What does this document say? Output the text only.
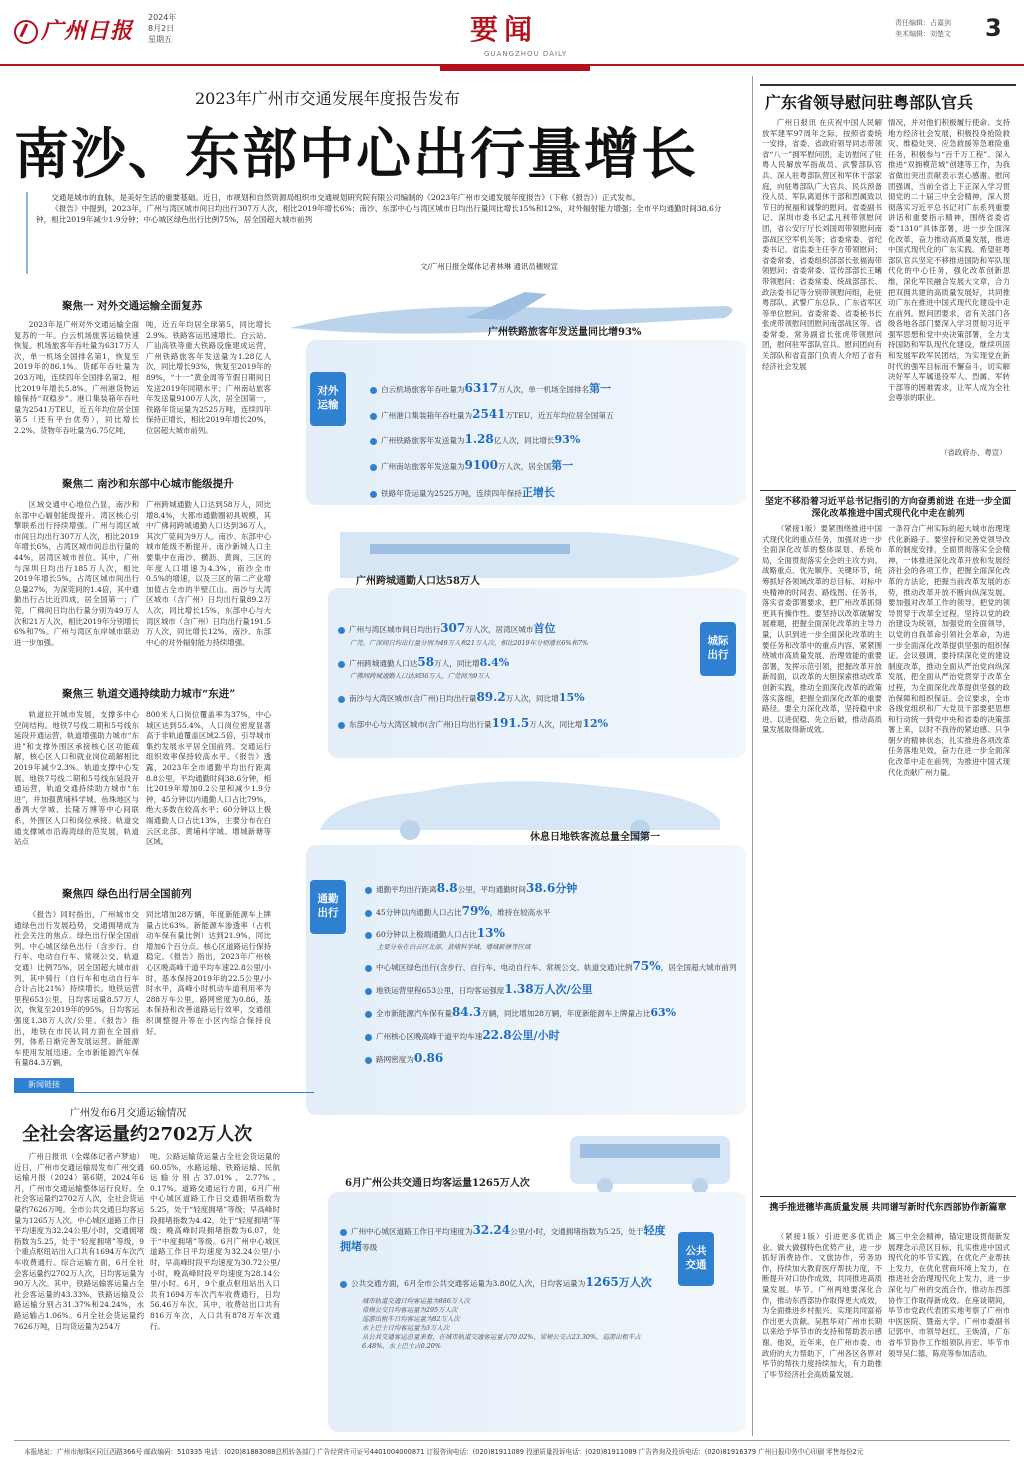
广州日报
2024年
8月2日
星期五	要闻
GUANGZHOU DAILY
责任编辑：占嘉剑
美术编辑：刘楚文 3
2023年广州市交通发展年度报告发布
南沙、东部中心出行量增长

交通是城市的血脉，是美好生活的重要基础。近日，市规划和自然资源局组织市交通规划研究院有限公司编制的《2023年广州市交通发展年度报告》（下称《报告》）正式发布。

《报告》中提到，2023年，广州与湾区城市间日均出行307万人次，相比2019年增长6%；南沙、东部中心与湾区城市日均出行量同比增长15%和12%，对外辐射能力增强；全市平均通勤时间38.6分钟，相比2019年减少1.9分钟；中心城区绿色出行比例75%，居全国超大城市前列

文/广州日报全媒体记者林琳 通讯员穗规宣
聚焦一 对外交通运输全面复苏

2023年是广州对外交通运输全面复苏的一年。白云机场旅客运输快速恢复。机场旅客年吞吐量为6317万人次，单一机场全国排名第1，恢复至2019年的86.1%。货邮年吞吐量为203万吨，连续四年全国排名第2，相比2019年增长5.8%。广州港货物运输保持“双稳步”。港口集装箱年吞吐量为2541万TEU，近五年均位居全国第5（还有平台优势），同比增长2.2%。货物年吞吐量为6.75亿吨，

吨，近五年均居全球第5，同比增长2.9%。铁路客运迅速增长。白云站、广汕高铁等重大铁路设施建成运营，广州铁路旅客年发送量为1.28亿人次，同比增长93%，恢复至2019年的89%，“十一”黄金周等节假日期间日发送2019年同期水平；广州南站旅客年发送量9100万人次，居全国第一，铁路年货运量为2525万吨，连续四年保持正增长，相比2019年增长20%，位居超大城市前列。

聚焦二 南沙和东部中心城市能级提升

区域交通中心地位凸显，南沙和东部中心辐射能级提升。湾区核心引擎联系出行持续增强。广州与湾区城市间日均出行307万人次，相比2019年增长6%，占湾区城市间总出行量的44%，居湾区城市首位。其中，广州与深圳日均出行185万人次，相比2019年增长5%，占湾区城市间出行总量27%，为深莞间的1.4倍，其中通勤出行占比近四成，居全国第一；广莞，广佛间日均出行量分别为49万人次和21万人次，相比2019年分别增长6%和7%。广州与湾区东岸城市联动进一步加强。

广州跨城通勤人口达到58万人，同比增8.4%，大都市通勤圈初具规模，其中广佛间跨城通勤人口达到36万人，其次广莞间为9万人。南沙、东部中心城市能级不断提升。南沙新城人口主要集中在南沙、横沥、黄阁，三区的年度人口增速为4.3%，南沙全市0.5%的增速，以及三区的第二产业增加值占全市的半壁江山。南沙与大湾区城市（含广州）日均出行量89.2万人次，同比增长15%，东部中心与大湾区城市（含广州）日均出行量191.5万人次，同比增长12%，南沙、东部中心的对外辐射能力持续增强。

聚焦三 轨道交通持续助力城市“东进”

轨道拉开城市发展，支撑多中心空间结构。地铁7号线二期和5号线东延段开通运营，轨道增强助力城市“东进”和支撑外围区承接核心区功能疏解，核心区人口和就业岗位疏解相比2019年减少2.3%。轨道支撑中心发展。地铁7号线二期和5号线东延段开通运营，轨道交通持续助力城市“东进”，并加强黄埔科学城、鱼珠地区与番禺大学城、长隆万博等中心间联系，外围区人口和岗位承接。轨道交通支撑城市沿海湾绿的范发展，轨道站点

800米人口岗位覆盖率为37%，中心城区达到55.4%，人口岗位密度显著高于非轨道覆盖区域2.5倍，引导城市集约发展水平居全国前列。交通运行组织效率保持较高水平。《报告》透露，2023年全市通勤平均出行距离8.8公里，平均通勤时间38.6分钟，相比2019年增加0.2公里和减少1.9分钟，45分钟以内通勤人口占比79%，绝大多数在较高水平；60分钟以上极端通勤人口占比13%，主要分布在白云区北部、黄埔科学城、增城新塘等区域。

聚焦四 绿色出行居全国前列

《报告》同时指出，广州城市交通绿色出行发展趋势，交通拥堵成为社会关注的焦点。绿色出行保全国前列。中心城区绿色出行（含步行、自行车、电动自行车、常规公交、轨道交通）比例75%，居全国超大城市前列，其中骑行（自行车和电动自行车合计占比21%）持续增长。地铁运营里程653公里，日均客运量8.57万人次，恢复至2019年的95%，日均客运强度1.38万人次/公里。《报告》指出，地铁在市民认同方面在全国前列，体系日渐完善发展运营。新能源车使用发展迅速。全市新能源汽车保有量84.3万辆，

同比增加28万辆，年度新能源车上牌量占比63%。新能源车渗透率（占机动车保有量比例）达到21.9%，同比增加6个百分点。核心区道路运行保持稳定。《报告》指出，2023年广州核心区晚高峰干道平均车速22.8公里/小时，基本保持2019年的22.5公里/小时水平，高峰小时机动车道利用率为288万车公里，路网密度为0.86，基本保持和改善道路运行效率，交通组织调整提升等在小区内综合保持良好。

广州铁路旅客年发送量同比增93%
对外
运输
白云机场旅客年吞吐量为6317万人次，单一机场全国排名第一
广州港口集装箱年吞吐量为2541万TEU，近五年均位居全国第五
广州铁路旅客年发送量为1.28亿人次，同比增长93%
广州南站旅客年发送量为9100万人次，居全国第一
铁路年货运量为2525万吨，连续四年保持正增长
广州跨城通勤人口达58万人
城际
出行
广州与湾区城市间日均出行307万人次，居湾区城市首位
广莞、广深间日均出行量分别为49万人和21万人次，相比2019年分别增长6%和7%
广州跨城通勤人口达58万人，同比增8.4%
广佛间跨城通勤人口达到36万人，广莞间为9万人
南沙与大湾区城市(含广州)日均出行量89.2万人次，同比增15%
东部中心与大湾区城市(含广州)日均出行量191.5万人次，同比增12%
休息日地铁客流总量全国第一
通勤
出行
通勤平均出行距离8.8公里，平均通勤时间38.6分钟
45分钟以内通勤人口占比79%，维持在较高水平
60分钟以上极端通勤人口占比13%
主要分布在白云区北部、黄埔科学城、增城新塘等区域
中心城区绿色出行(含步行、自行车、电动自行车、常规公交、轨道交通)比例75%，居全国超大城市前列
地铁运营里程653公里，日均客运强度1.38万人次/公里
全市新能源汽车保有量84.3万辆，同比增加28万辆，年度新能源车上牌量占比63%
广州核心区晚高峰干道平均车速22.8公里/小时
路网密度为0.86
6月广州公共交通日均客运量1265万人次
公共
交通
广州中心城区道路工作日平均速度为32.24公里/小时，交通拥堵指数为5.25，处于轻度拥堵等级
公共交通方面，6月全市公共交通客运量为3.80亿人次，日均客运量为1265万人次
城市轨道交通日均客运量为886万人次
常规公交日均客运量为295万人次
巡游出租车日均客运量为82万人次
水上巴士日均客运量为3万人次
从公共交通客运总量来看，在城市轨道交通客运量占70.02%，常规公交占23.30%，巡游出租车占6.48%，水上巴士占0.20%
新闻链接
广州发布6月交通运输情况
全社会客运量约2702万人次

广州日报讯（全媒体记者卢梦迪）近日，广州市交通运输局发布广州交通运输月报（2024）第6期，2024年6月，广州市交通运输整体运行良好。全社会客运量约2702万人次，全社会货运量约7626万吨。全市公共交通日均客运量为1265万人次。中心城区道路工作日平均速度为32.24公里/小时，交通拥堵指数为5.25，处于“轻度拥堵”等级，9个重点枢纽站出入口共有1694万车次汽车收费通行。综合运输方面，6月全社会客运量约2702万人次，日均客运量为90万人次。其中，铁路运输客运量占全社会客运量的43.33%，铁路运输及公路运输分别占31.37%和24.24%，水路运输占1.06%。6月全社会货运量约7626万吨，日均货运量为254万

吨。公路运输货运量占全社会货运量的60.05%，水路运输、铁路运输、民航运输分别占37.01%、2.77%、0.17%。道路交通运行方面，6月广州中心城区道路工作日交通拥堵指数为5.25，处于“轻度拥堵”等级；早高峰时段拥堵指数为4.42，处于“轻度拥堵”等级；晚高峰时段拥堵指数为6.07，处于“中度拥堵”等级。6月广州中心城区道路工作日平均速度为32.24公里/小时，早高峰时段平均速度为30.72公里/小时，晚高峰时段平均速度为28.14公里/小时。6月，9个重点枢纽站出入口共有1694万车次汽车收费通行，日均56.46万车次。其中，收费站出口共有816万车次，入口共有878万车次通行。

广东省领导慰问驻粤部队官兵

广州日报讯 在庆祝中国人民解放军建军97周年之际，按照省委统一安排，省委、省政府领导同志带领省“八一”拥军慰问团，走访慰问了驻粤人民解放军指战员、武警部队官兵、深入驻粤部队营区和军休干部家庭，向驻粤部队广大官兵、民兵预备役人员、军队离退休干部和烈属致以节日的祝福和诚挚的慰问。省委副书记、深圳市委书记孟凡利带领慰问团，省公安厅厅长刘国周带领慰问南部战区空军机关等；省委常委、省纪委书记、省监委主任李方带领慰问；省委常委、省委组织部部长张福海带领慰问；省委常委、宣传部部长王曦带领慰问；省委常委、统战部部长、政法委书记等分别带领慰问组，赴驻粤部队、武警广东总队、广东省军区等单位慰问。省委常委、省委秘书长张虎带领慰问团慰问南部战区等。省委常委、常务副省长张虎带领慰问团，慰问驻军部队官兵。慰问团向有关部队和省直部门负责人介绍了省有经济社会发展

情况，并对他们积极履行使命、支持地方经济社会发展，积极投身抢险救灾、维稳处突、应急救援等急难险重任务，积极参与“百千万工程”、深入推进“双拥模范城”创建等工作，为我省做出突出贡献表示衷心感谢。慰问团强调，当前全省上下正深入学习贯彻党的二十届三中全会精神，深入贯彻落实习近平总书记对广东系列重要讲话和重要指示精神，围绕省委省委“1310”具体部署，进一步全面深化改革，奋力推动高质量发展，推进中国式现代化的广东实践。希望驻粤部队官兵坚定不移推进国防和军队现代化的中心任务，强化改革创新思维，深化军民融合发展大文章，合力把双拥共建的高质量发展好，共同推动广东在推进中国式现代化建设中走在前列。慰问团要求，省有关部门各级各地各部门要深入学习贯彻习近平强军思想和党中央决策部署，全力支持国防和军队现代化建设，继续巩固和发展军政军民团结，为实现党在新时代的强军目标而不懈奋斗，切实解决好军人军属退役军人、烈属、军转干部等的困难需求，让军人成为全社会尊崇的职业。

（省政府办、粤宣）
坚定不移沿着习近平总书记指引的方向奋勇前进 在进一步全面深化改革推进中国式现代化中走在前列

（紧接1版）要紧围绕推进中国式现代化的重点任务，加强对进一步全面深化改革的整体谋划、系统布局，全面贯彻落实全会的主攻方向、战略重点、优先顺序、关键环节，统筹抓好各领域改革的总目标、对标中央精神的时间表、路线图、任务书，落实省委部署要求，把广州改革抓得更具有操作性。要坚持以改革破解发展难题，把握全面深化改革的主导力量，认识到进一步全面深化改革的主要任务和改革中的重点内容，紧紧围绕城市高质量发展、治理效能的重要部署，发挥示范引领，把握改革开放新局面，以改革的大胆探索推动改革创新实践，推动全面深化改革的政策落实落细，把握全面深化改革的重要路径。要全力深化改革，坚持稳中求进、以进促稳、先立后破，推动高质量发展取得新成效。

一条符合广州实际的超大城市治理现代化新路子。要坚持和完善党领导改革的制度安排，全面贯彻落实全会精神，一体推进深化改革开放和发展经济社会的各项工作，把握全面深化改革的方法论，把握当前改革发展的态势，推动改革开放不断向纵深发展。要加强对改革工作的领导，把党的领导贯穿于改革全过程，坚持以党的政治建设为统领，加强党的全面领导，以党的自我革命引领社会革命，为进一步全面深化改革提供坚强的组织保证。会议强调，要持续深化党的建设制度改革，推动全面从严治党向纵深发展，把全面从严治党贯穿于改革全过程，为全面深化改革提供坚强的政治保障和组织保证。会议要求，全市各级党组织和广大党员干部要把思想和行动统一到党中央和省委的决策部署上来，以时不我待的紧迫感、只争朝夕的精神状态，扎实推进各项改革任务落地见效，奋力在进一步全面深化改革中走在前列，为推进中国式现代化贡献广州力量。

携手推进穗毕高质量发展 共同谱写新时代东西部协作新篇章

（紧接1版）引进更多优质企业、做大做强特色优势产业，进一步抓好消费协作、文旅协作，劳务协作，持续加大教育医疗帮扶力度，不断提升对口协作成效，共同推进高质量发展。毕节、广州两地要深化合作，推动东西部协作取得更大成效，为全面推进乡村振兴、实现共同富裕作出更大贡献。吴胜华对广州市长期以来给予毕节市的支持和帮助表示感谢。他说，近年来，在广州市委、市政府的大力帮助下，广州各区各界对毕节的帮扶力度持续加大，有力助推了毕节经济社会高质量发展。

属三中全会精神，锚定建设贯彻新发展理念示范区目标，扎实推进中国式现代化的毕节实践，在优化产业帮扶上发力，在优化营商环境上发力，在推进社会治理现代化上发力，进一步深化与广州的交流合作，推动东西部协作工作取得新成效。在座谈期间，毕节市党政代表团实地考察了广州市中医医院、暨南大学。广州市委副书记郭中、市领导赵红、王焕清，广东省毕节协作工作组领队肖宏、毕节市领导吴仁德、陈亮等参加活动。

本报地址：广州市海珠区同江西路366号 邮政编码：510335 电话：(020)81883088总机转各部门 广告经营许可证号4401004000871 订报咨询电话：(020)81911089 投递质量投诉电话：(020)81911089 广告咨询及投诉电话：(020)81916379 广州日报印务中心印刷 零售每份2元
